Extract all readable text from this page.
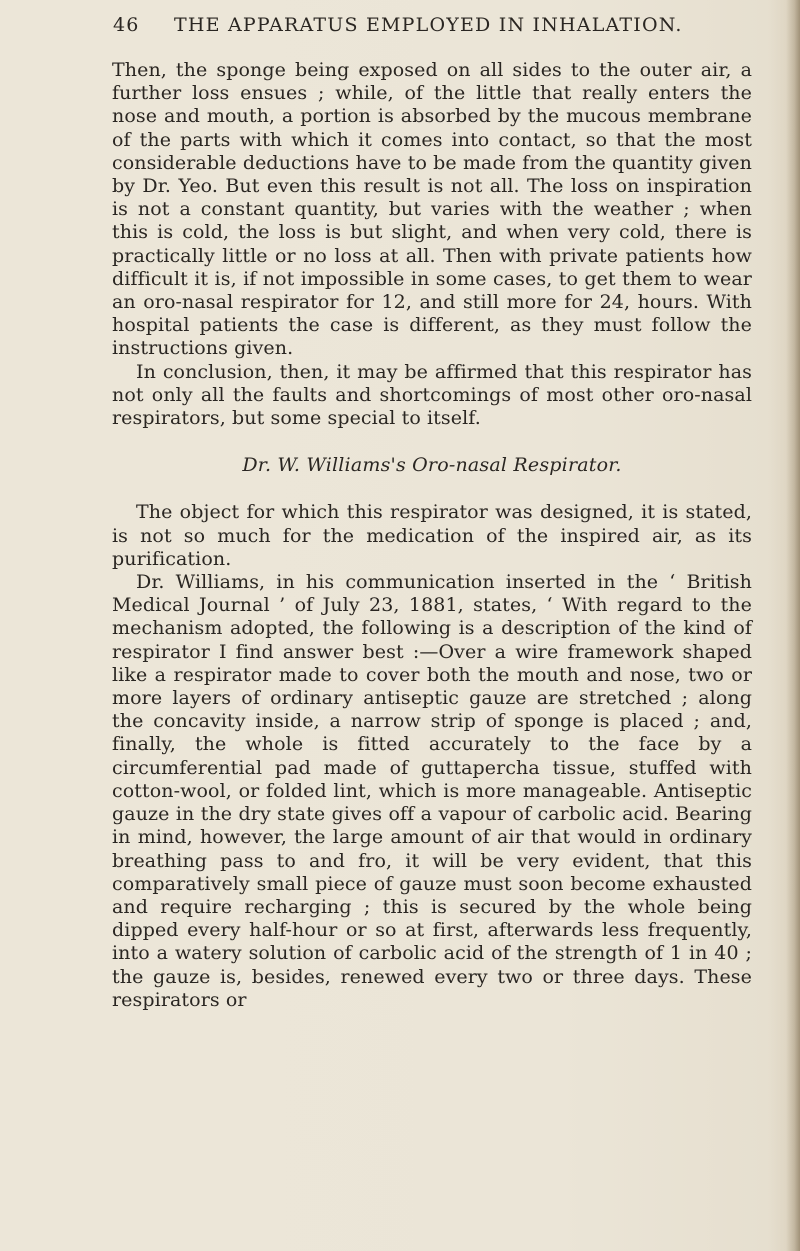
46 THE APPARATUS EMPLOYED IN INHALATION.

Then, the sponge being exposed on all sides to the outer air, a further loss ensues ; while, of the little that really enters the nose and mouth, a portion is absorbed by the mucous membrane of the parts with which it comes into contact, so that the most considerable deductions have to be made from the quantity given by Dr. Yeo. But even this result is not all. The loss on inspiration is not a constant quantity, but varies with the weather ; when this is cold, the loss is but slight, and when very cold, there is practically little or no loss at all. Then with private patients how difficult it is, if not impossible in some cases, to get them to wear an oro-nasal respirator for 12, and still more for 24, hours. With hospital patients the case is different, as they must follow the instructions given.

In conclusion, then, it may be affirmed that this respirator has not only all the faults and shortcomings of most other oro-nasal respirators, but some special to itself.

Dr. W. Williams's Oro-nasal Respirator.

The object for which this respirator was designed, it is stated, is not so much for the medication of the inspired air, as its purification.

Dr. Williams, in his communication inserted in the ‘ British Medical Journal ’ of July 23, 1881, states, ‘ With regard to the mechanism adopted, the following is a description of the kind of respirator I find answer best :—Over a wire framework shaped like a respirator made to cover both the mouth and nose, two or more layers of ordinary antiseptic gauze are stretched ; along the concavity inside, a narrow strip of sponge is placed ; and, finally, the whole is fitted accurately to the face by a circumferential pad made of guttapercha tissue, stuffed with cotton-wool, or folded lint, which is more manageable. Antiseptic gauze in the dry state gives off a vapour of carbolic acid. Bearing in mind, however, the large amount of air that would in ordinary breathing pass to and fro, it will be very evident, that this comparatively small piece of gauze must soon become exhausted and require recharging ; this is secured by the whole being dipped every half-hour or so at first, afterwards less frequently, into a watery solution of carbolic acid of the strength of 1 in 40 ; the gauze is, besides, renewed every two or three days. These respirators or
